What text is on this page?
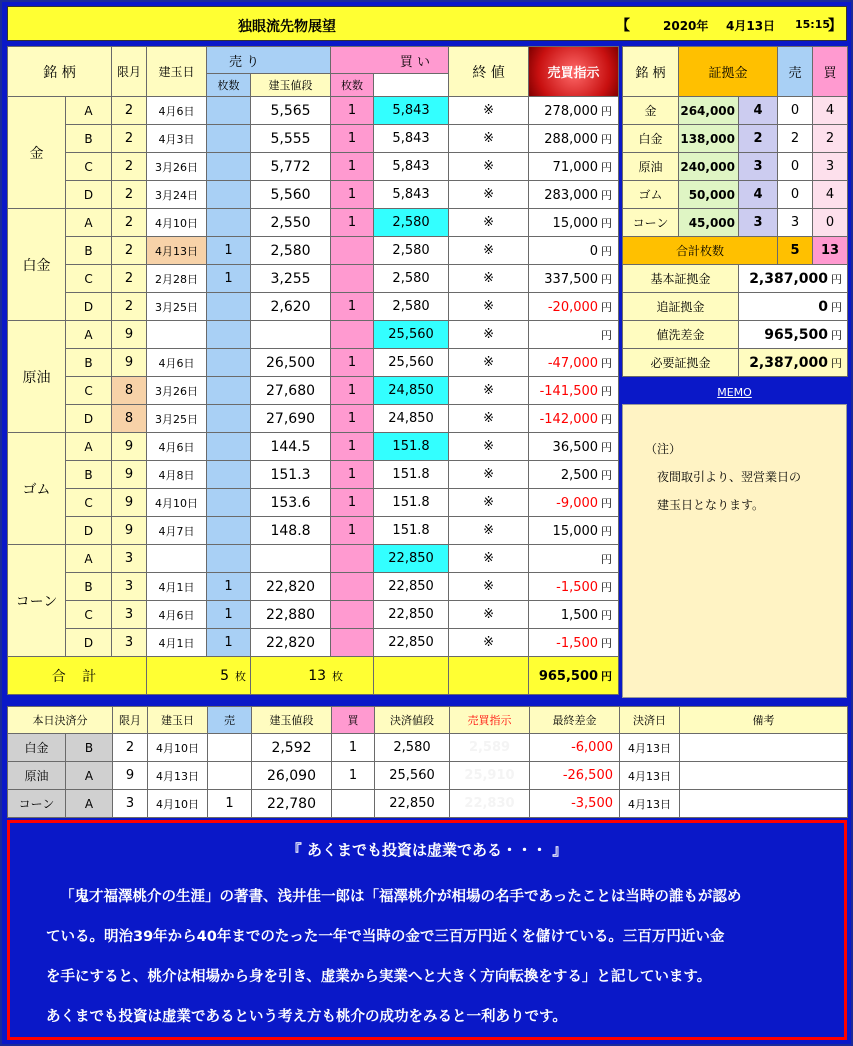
独眼流先物展望	【	2020年 4月13日 15:15
】
銘 柄		限月	建玉日	売 り		買 い		終 値	売買指示	
				枚数	建玉値段	枚数				
金	A	2	4月6日		5,565	1	5,843	※	278,000 円	
	B	2	4月3日		5,555	1	5,843	※	288,000 円	
	C	2	3月26日		5,772	1	5,843	※	71,000 円	
	D	2	3月24日		5,560	1	5,843	※	283,000 円	
白金	A	2	4月10日		2,550	1	2,580	※	15,000 円	
	B	2	4月13日	1	2,580		2,580	※	0 円	
	C	2	2月28日	1	3,255		2,580	※	337,500 円	
	D	2	3月25日		2,620	1	2,580	※	-20,000 円	
原油	A	9					25,560	※	円	
	B	9	4月6日		26,500	1	25,560	※	-47,000 円	
	C	8	3月26日		27,680	1	24,850	※	-141,500 円	
	D	8	3月25日		27,690	1	24,850	※	-142,000 円	
ゴム	A	9	4月6日		144.5	1	151.8	※	36,500 円	
	B	9	4月8日		151.3	1	151.8	※	2,500 円	
	C	9	4月10日		153.6	1	151.8	※	-9,000 円	
	D	9	4月7日		148.8	1	151.8	※	15,000 円	
コーン	A	3					22,850	※	円	
	B	3	4月1日	1	22,820		22,850	※	-1,500 円	
	C	3	4月6日	1	22,880		22,850	※	1,500 円	
	D	3	4月1日	1	22,820		22,850	※	-1,500 円	
合 計			5 枚		13 枚				965,500 円	
銘 柄	証拠金		売	買
金	264,000	4	0	4
白金	138,000	2	2	2
原油	240,000	3	0	3
ゴム	50,000	4	0	4
コーン	45,000	3	3	0
合計枚数			5	13
基本証拠金		2,387,000 円		
追証拠金		0 円		
値洗差金		965,500 円		
必要証拠金		2,387,000 円		
MEMO
（注）
夜間取引より、翌営業日の
建玉日となります。
本日決済分		限月	建玉日	売	建玉値段	買	決済値段	売買指示	最終差金	決済日	備考
白金	B	2	4月10日		2,592	1	2,580	2,589	-6,000	4月13日	
原油	A	9	4月13日		26,090	1	25,560	25,910	-26,500	4月13日	
コーン	A	3	4月10日	1	22,780		22,850	22,830	-3,500	4月13日	
『 あくまでも投資は虚業である・・・ 』
「鬼才福澤桃介の生涯」の著書、浅井佳一郎は「福澤桃介が相場の名手であったことは当時の誰もが認め
ている。明治39年から40年までのたった一年で当時の金で三百万円近くを儲けている。三百万円近い金
を手にすると、桃介は相場から身を引き、虚業から実業へと大きく方向転換をする」と記しています。
あくまでも投資は虚業であるという考え方も桃介の成功をみると一利ありです。
